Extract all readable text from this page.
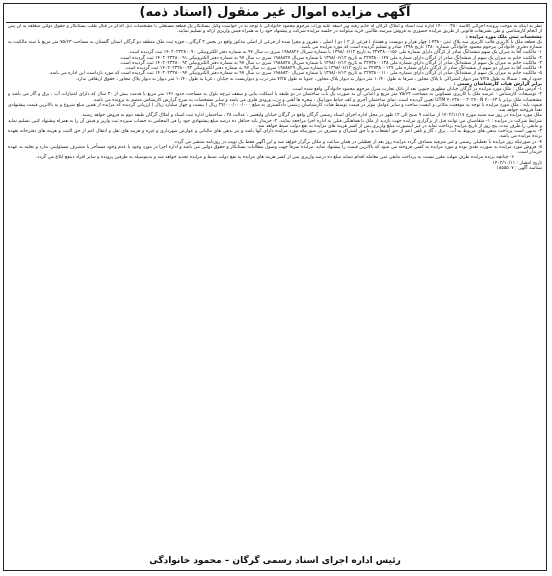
آگهی مزایده اموال غیر منقول (اسناد ذمه)

نظر به اینکه به موجب پرونده اجرائی کلاسه ۱۴۰۰۰۰۳۸۰ اداره ثبت اسناد و املاک گرگان له خانم رقیه ویر اسعد علیه وراث مرحوم محمود خانوادگی با توجه به در خواست وکیل بستانکار یک قطعه مستغلی با مشخصات ذیل الذکر در قبال طلب بستانکار و حقوق دولتی متعلقه به آن پس از انجام کارشناسی و طی تشریفات قانونی از طریق مزایده حضوری به فروش میرسد طالبین خرید میتوانند در جلسه مزایده شرکت و پیشنهاد خود را به همراه فیش واریزی ارائه و تسلیم نمایند.

مشخصات ثبتی ملک مورد مزایده :

یک قطعه ملک با کاربری قالب کاربری سه پلاک ثبتی ۴۳۸۰ ( چهار هزار و دویست و هشتاد ) فرعی از ۲ ( دو ) اصلی ، مفروز و مجزا شده از فرعی از اصلی مذکور واقع در بخش ۲ گرگان ، حوزه ثبت ملک منطقه دو گرگان استان گلستان به مساحت ۷۵/۶۳ متر مربع با سند مالکیت به شماره دفتری خانوادگی مرحوم محمود خانوادگی شماره ۱۳۸۰ تاریخ ۱۳۹۸ صادر و تسلیم گردیده است که مورد مزایده می باشد.

۱- مالکیت آقا به میزان یک سهم ششدانگ صادر از کرگان دارای شماره ملی ۲۲۷۳۸۰۰۱۵۶ به تاریخ ۱۳۹۸/۰۶/۱۲ با شماره سریال ۱۹۸۸۸۲۶ سری ب سال ۹۷ به شماره دفتر الکترونیکی ۱۴۰۲۰۲۳۲۸۰۰۹۰ ثبت گردیده است.

۲- مالکیت خانم به میزان یک سهم از ششدانگ صادر از کرگان دارای شماره ملی ۲۲۷۳۸۰۰۱۴۷ به تاریخ ۱۳۹۸/۰۶/۱۲ با شماره سریال ۱۹۸۸۸۲۷ سری ب سال ۹۷ به شماره دفتر الکترونیکی ۱۴۰۲۰۲۳۲۸۰۰۹۱ ثبت گردیده است.

۳- مالکیت خانم به میزان یک سهم از ششدانگ صادر از کرگان دارای شماره ملی ۲۲۷۳۸۰۰۱۳۸ به تاریخ ۱۳۹۸/۰۶/۱۲ با شماره سریال ۱۹۸۸۸۲۸ سری ب سال ۹۷ به شماره دفتر الکترونیکی ۱۴۰۲۰۲۳۲۸۰۰۹۲ ثبت گردیده است.

۴- مالکیت آقا به میزان دو سهم از ششدانگ صادر از کرگان دارای شماره ملی ۲۲۷۳۸۰۰۱۲۹ به تاریخ ۱۳۹۸/۰۶/۱۲ با شماره سریال ۱۹۸۸۸۲۹ سری ب سال ۹۷ به شماره دفتر الکترونیکی ۱۴۰۲۰۲۳۲۸۰۰۹۳ ثبت گردیده است.

۵- مالکیت خانم به میزان یک سهم از ششدانگ صادر از کرگان دارای شماره ملی ۲۲۷۳۸۰۰۱۱۰ به تاریخ ۱۳۹۸/۰۶/۱۲ با شماره سریال ۱۹۸۸۸۳۰ سری ب سال ۹۷ به شماره دفتر الکترونیکی ۱۴۰۲۰۲۳۲۸۰۰۹۴ ثبت گردیده است که مورد بازداشت این اداره می باشد.

حدود اربعه : شمالا به طول ۷/۲۵ متر دیوار اشتراکی با پلاک مجاور ، شرقا به طول ۱۰/۴۰ متر دیوار به دیوار پلاک مجاور ، جنوبا به طول ۷/۲۵ متر درب و دیواریست به خیابان ، غربا به طول ۱۰/۴۰ متر دیوار به دیوار پلاک مجاور ، حقوق ارتفاقی ندارد.

برابر گزارش هیات کارشناسان رسمی :

۱- آدرس ملک : ملک مورد مزایده در گرگان خیابان مطهری جنوبی بعد از بانک تجارت منزل مرحوم محمود خانوادگی واقع شده است.

۲- توضیحات کارشناس : عرصه ملک با کاربری مسکونی به مساحت ۷۵/۶۳ متر مربع و اعیانی آن به صورت یک باب ساختمان در دو طبقه با اسکلت بنایی و سقف تیرچه بلوک به مساحت حدود ۱۴۶ متر مربع با قدمت بیش از ۳۰ سال که دارای امتیازات آب ، برق و گاز می باشد و مشخصات ملک برابر با UTM ۴۰۶۳۸۰ - ۳۰۲۷۰ N ۴۰۰۶۳ تعیین گردیده است. نمای ساختمان آجری و کف حیاط موزاییک ، پنجره ها آهنی و درب ورودی فلزی می باشد و سایر مشخصات به شرح گزارش کارشناس منضم به پرونده می باشد.

قیمت پایه : ملک مورد مزایده با توجه به موقعیت مکانی و کیفیت ساخت و سایر عوامل موثر در قیمت توسط هیات کارشناسان رسمی دادگستری به مبلغ ۲۴/۰۰۰/۰۰۰/۰۰۰ ریال ( بیست و چهار میلیارد ریال ) ارزیابی گردیده که مزایده از همین مبلغ شروع و به بالاترین قیمت پیشنهادی نقداً فروخته خواهد شد.

ملک مورد مزایده در روز سه شنبه مورخ ۱۴۰۲/۱۱/۱۷ از ساعت ۹ صبح الی ۱۲ ظهر در محل اداره اجرای اسناد رسمی گرگان واقع در گرگان خیابان ولیعصر ، عدالت ۲۸ ، ساختمان اداره ثبت اسناد و املاک گرگان طبقه دوم به فروش خواهد رسید.

شرایط شرکت در مزایده : ۱- متقاضیان می توانند قبل از برگزاری مزایده جهت بازدید از ملک با هماهنگی قبلی به اداره اجرا مراجعه نمایند. ۲- خریدار باید حداقل ده درصد مبلغ پیشنهادی خود را فی المجلس به حساب سپرده ثبت واریز و فیش آن را به همراه پیشنهاد کتبی تسلیم نماید و مابقی را ظرف مدت پنج روز از تاریخ مزایده پرداخت نماید در غیر اینصورت مبلغ واریزی پس از کسر هزینه های مزایده به نفع دولت ضبط خواهد شد.

۳- بدیهی است پرداخت بدهی های مربوط به آب ، برق ، گاز و تلفن اعم از حق انشعاب و یا حق اشتراک و مصرف در صورتیکه مورد مزایده دارای آنها باشد و نیز بدهی های مالیاتی و عوارض شهرداری و غیره و هزینه های نقل و انتقال اعم از حق الثبت و هزینه های دفترخانه بعهده برنده مزایده می باشد.

۴- در صورتیکه روز مزایده با تعطیلی رسمی و غیر مترقبه مصادف گردد مزایده روز بعد از تعطیلی در همان ساعت و مکان برگزار خواهد شد و این آگهی فقط یک نوبت در روزنامه منتشر می گردد.

۵- فروش مورد مزایده به صورت نقدی بوده و مورد مزایده به کسی فروخته می شود که بالاترین قیمت را پیشنهاد نماید. مزایده صرفاً جهت وصول مطالبات بستانکار و حقوق دولتی می باشد و اداره اجرا در مورد وجود یا عدم وجود مستأجر یا متصرف مسئولیتی ندارد و تخلیه به عهده خریدار است.

۶- چنانچه برنده مزایده ظرف مهلت مقرر نسبت به پرداخت مابقی ثمن معامله اقدام ننماید مبلغ ده درصد واریزی پس از کسر هزینه های مزایده به نفع دولت ضبط و مزایده تجدید خواهد شد و بدینوسیله به طرفین پرونده و سایر افراد ذینفع ابلاغ می گردد.

تاریخ انتشار : ۱۴۰۲/۱۰/۱۱

شناسه آگهی : ۱۸۵۵۵۰۷

رئیس اداره اجرای اسناد رسمی گرگان – محمود خانوادگی
